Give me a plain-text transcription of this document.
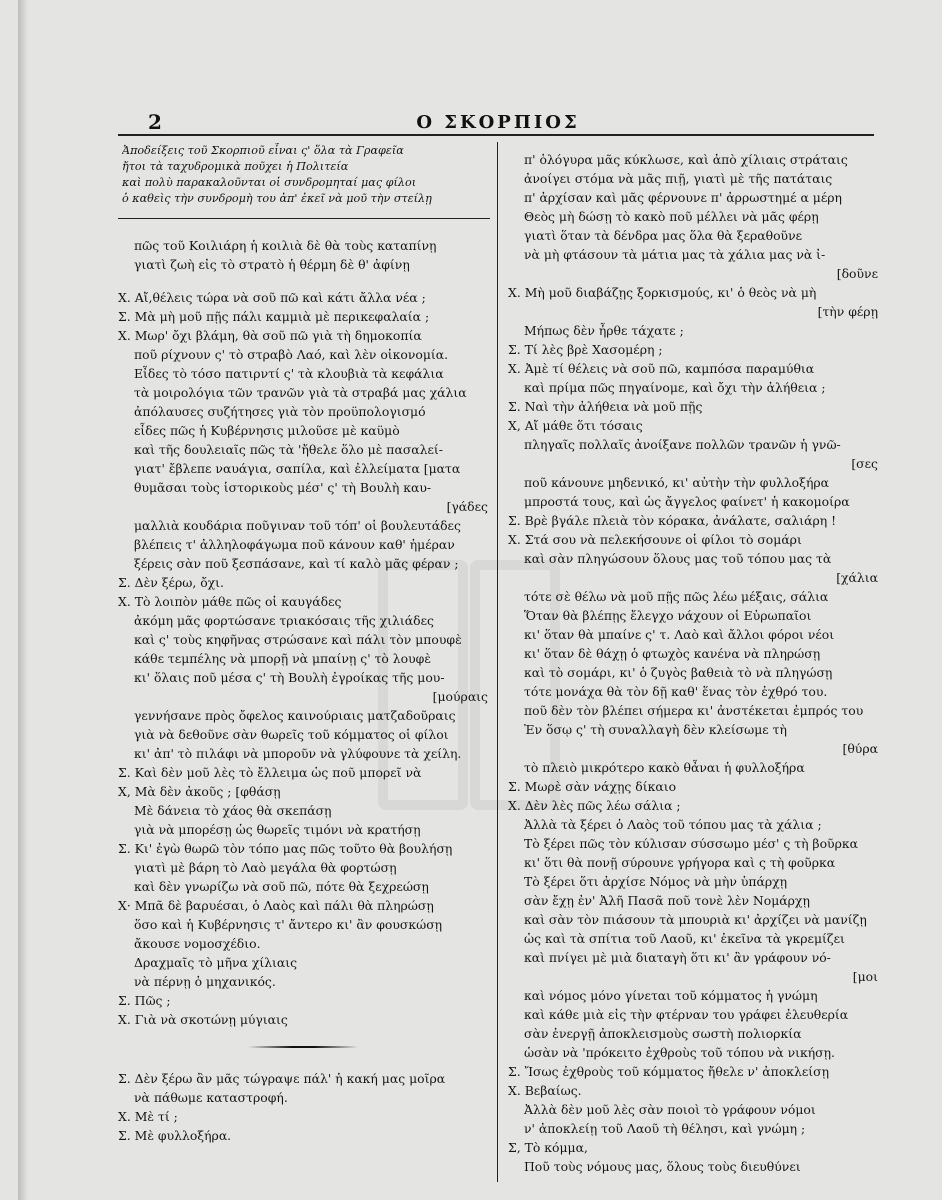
2	Ο ΣΚΟΡΠΙΟΣ
Ἀποδείξεις τοῦ Σκορπιοῦ εἶναι ς' ὅλα τὰ Γραφεῖα
ἤτοι τὰ ταχυδρομικὰ ποῦχει ἡ Πολιτεία
καὶ πολὺ παρακαλοῦνται οἱ συνδρομηταί μας φίλοι
ὁ καθεὶς τὴν συνδρομὴ του ἀπ' ἐκεῖ νὰ μοῦ τὴν στείλῃ
πῶς τοῦ Κοιλιάρη ἡ κοιλιὰ δὲ θὰ τοὺς καταπίνῃ
γιατὶ ζωὴ εἰς τὸ στρατὸ ἡ θέρμη δὲ θ' ἀφίνῃ
Χ. Αἴ,θέλεις τώρα νὰ σοῦ πῶ καὶ κάτι ἄλλα νέα ;
Σ. Μὰ μὴ μοῦ πῇς πάλι καμμιὰ μὲ περικεφαλαία ;
Χ. Μωρ' ὄχι βλάμη, θὰ σοῦ πῶ γιὰ τὴ δημοκοπία
ποῦ ρίχνουν ς' τὸ στραβὸ Λαό, καὶ λὲν οἰκονομία.
Εἶδες τὸ τόσο πατιρντί ς' τὰ κλουβιὰ τὰ κεφάλια
τὰ μοιρολόγια τῶν τρανῶν γιὰ τὰ στραβά μας χάλια
ἀπόλαυσες συζήτησες γιὰ τὸν προϋπολογισμό
εἶδες πῶς ἡ Κυβέρνησις μιλοῦσε μὲ καϋμὸ
καὶ τῆς δουλειαῖς πῶς τὰ 'ἤθελε ὅλο μὲ πασαλεί-
γιατ' ἔβλεπε ναυάγια, σαπίλα, καὶ ἐλλείματα [ματα
θυμᾶσαι τοὺς ἱστορικοὺς μέσ' ς' τὴ Βουλὴ καυ-
[γάδες
μαλλιὰ κουδάρια ποῦγιναν τοῦ τόπ' οἱ βουλευτάδες
βλέπεις τ' ἀλληλοφάγωμα ποῦ κάνουν καθ' ἡμέραν
ξέρεις σὰν ποῦ ξεσπάσανε, καὶ τί καλὸ μᾶς φέραν ;
Σ. Δὲν ξέρω, ὄχι.
Χ. Τὸ λοιπὸν μάθε πῶς οἱ καυγάδες
ἀκόμη μᾶς φορτώσανε τριακόσαις τῆς χιλιάδες
καὶ ς' τοὺς κηφῆνας στρώσανε καὶ πάλι τὸν μπουφὲ
κάθε τεμπέλης νὰ μπορῇ νὰ μπαίνῃ ς' τὸ λουφὲ
κι' ὅλαις ποῦ μέσα ς' τὴ Βουλὴ ἐγροίκας τῆς μου-
[μούραις
γεννήσανε πρὸς ὄφελος καινούριαις ματζαδοῦραις
γιὰ νὰ δεθοῦνε σὰν θωρεῖς τοῦ κόμματος οἱ φίλοι
κι' ἀπ' τὸ πιλάφι νὰ μποροῦν νὰ γλύφουνε τὰ χείλη.
Σ. Καὶ δὲν μοῦ λὲς τὸ ἔλλειμα ὡς ποῦ μπορεῖ νὰ
Χ, Μὰ δὲν ἀκοῦς ; [φθάσῃ
Μὲ δάνεια τὸ χάος θὰ σκεπάσῃ
γιὰ νὰ μπορέσῃ ὡς θωρεῖς τιμόνι νὰ κρατήσῃ
Σ. Κι' ἐγὼ θωρῶ τὸν τόπο μας πῶς τοῦτο θὰ βουλήσῃ
γιατὶ μὲ βάρη τὸ Λαὸ μεγάλα θὰ φορτώσῃ
καὶ δὲν γνωρίζω νὰ σοῦ πῶ, πότε θὰ ξεχρεώσῃ
Χ· Μπᾶ δὲ βαρυέσαι, ὁ Λαὸς καὶ πάλι θὰ πληρώσῃ
ὅσο καὶ ἡ Κυβέρνησις τ' ἄντερο κι' ἂν φουσκώσῃ
ἄκουσε νομοσχέδιο.
Δραχμαῖς τὸ μῆνα χίλιαις
νὰ πέρνῃ ὁ μηχανικός.
Σ. Πῶς ;
Χ. Γιὰ νὰ σκοτώνῃ μύγιαις
Σ. Δὲν ξέρω ἂν μᾶς τώγραψε πάλ' ἡ κακή μας μοῖρα
νὰ πάθωμε καταστροφή.
Χ. Μὲ τί ;
Σ. Μὲ φυλλοξήρα.
π' ὁλόγυρα μᾶς κύκλωσε, καὶ ἀπὸ χίλιαις στράταις
ἀνοίγει στόμα νὰ μᾶς πιῇ, γιατὶ μὲ τῆς πατάταις
π' ἀρχίσαν καὶ μᾶς φέρνουνε π' ἀρρωστημέ α μέρη
Θεὸς μὴ δώσῃ τὸ κακὸ ποῦ μέλλει νὰ μᾶς φέρῃ
γιατὶ ὅταν τὰ δένδρα μας ὅλα θὰ ξεραθοῦνε
νὰ μὴ φτάσουν τὰ μάτια μας τὰ χάλια μας νὰ ἰ-
[δοῦνε
Χ. Μὴ μοῦ διαβάζῃς ξορκισμούς, κι' ὁ θεὸς νὰ μὴ
[τὴν φέρῃ
Μήπως δὲν ἦρθε τάχατε ;
Σ. Τί λὲς βρὲ Χασομέρη ;
Χ. Ἀμὲ τί θέλεις νὰ σοῦ πῶ, καμπόσα παραμύθια
καὶ πρίμα πῶς πηγαίνομε, καὶ ὄχι τὴν ἀλήθεια ;
Σ. Ναὶ τὴν ἀλήθεια νὰ μοῦ πῇς
Χ, Αἴ μάθε ὅτι τόσαις
πληγαῖς πολλαῖς ἀνοίξανε πολλῶν τρανῶν ἡ γνῶ-
[σες
ποῦ κάνουνε μηδενικό, κι' αὐτὴν τὴν φυλλοξήρα
μπροστά τους, καὶ ὡς ἄγγελος φαίνετ' ἡ κακομοίρα
Σ. Βρὲ βγάλε πλειὰ τὸν κόρακα, ἀνάλατε, σαλιάρη !
Χ. Στά σου νὰ πελεκήσουνε οἱ φίλοι τὸ σομάρι
καὶ σὰν πληγώσουν ὅλους μας τοῦ τόπου μας τὰ
[χάλια
τότε σὲ θέλω νὰ μοῦ πῇς πῶς λέω μέξαις, σάλια
Ὅταν θὰ βλέπῃς ἔλεγχο νάχουν οἱ Εὐρωπαῖοι
κι' ὅταν θὰ μπαίνε ς' τ. Λαὸ καὶ ἄλλοι φόροι νέοι
κι' ὅταν δὲ θάχῃ ὁ φτωχὸς κανένα νὰ πληρώσῃ
καὶ τὸ σομάρι, κι' ὁ ζυγὸς βαθειὰ τὸ νὰ πληγώσῃ
τότε μονάχα θὰ τὸν δῇ καθ' ἕνας τὸν ἐχθρό του.
ποῦ δὲν τὸν βλέπει σήμερα κι' ἀνστέκεται ἐμπρός του
Ἐν ὅσῳ ς' τὴ συναλλαγὴ δὲν κλείσωμε τὴ
[θύρα
τὸ πλειὸ μικρότερο κακὸ θἆναι ἡ φυλλοξήρα
Σ. Μωρὲ σὰν νάχῃς δίκαιο
Χ. Δὲν λὲς πῶς λέω σάλια ;
Ἀλλὰ τὰ ξέρει ὁ Λαὸς τοῦ τόπου μας τὰ χάλια ;
Τὸ ξέρει πῶς τὸν κύλισαν σύσσωμο μέσ' ς τὴ βοῦρκα
κι' ὅτι θὰ πονῇ σύρουνε γρήγορα καὶ ς τὴ φοῦρκα
Τὸ ξέρει ὅτι ἀρχίσε Νόμος νὰ μὴν ὑπάρχῃ
σὰν ἔχῃ ἐν' Ἀλῆ Πασᾶ ποῦ τονὲ λὲν Νομάρχῃ
καὶ σὰν τὸν πιάσουν τὰ μπουριὰ κι' ἀρχίζει νὰ μανίζῃ
ὡς καὶ τὰ σπίτια τοῦ Λαοῦ, κι' ἐκεῖνα τὰ γκρεμίζει
καὶ πνίγει μὲ μιὰ διαταγὴ ὅτι κι' ἂν γράφουν νό-
[μοι
καὶ νόμος μόνο γίνεται τοῦ κόμματος ἡ γνώμη
καὶ κάθε μιὰ εἰς τὴν φτέρναν του γράφει ἐλευθερία
σὰν ἐνεργῇ ἀποκλεισμοὺς σωστὴ πολιορκία
ὡσὰν νὰ 'πρόκειτο ἐχθροὺς τοῦ τόπου νὰ νικήσῃ.
Σ. Ἴσως ἐχθροὺς τοῦ κόμματος ἤθελε ν' ἀποκλείσῃ
Χ. Βεβαίως.
Ἀλλὰ δὲν μοῦ λὲς σὰν ποιοὶ τὸ γράφουν νόμοι
ν' ἀποκλείῃ τοῦ Λαοῦ τὴ θέλησι, καὶ γνώμη ;
Σ, Τὸ κόμμα,
Ποῦ τοὺς νόμους μας, ὅλους τοὺς διευθύνει
